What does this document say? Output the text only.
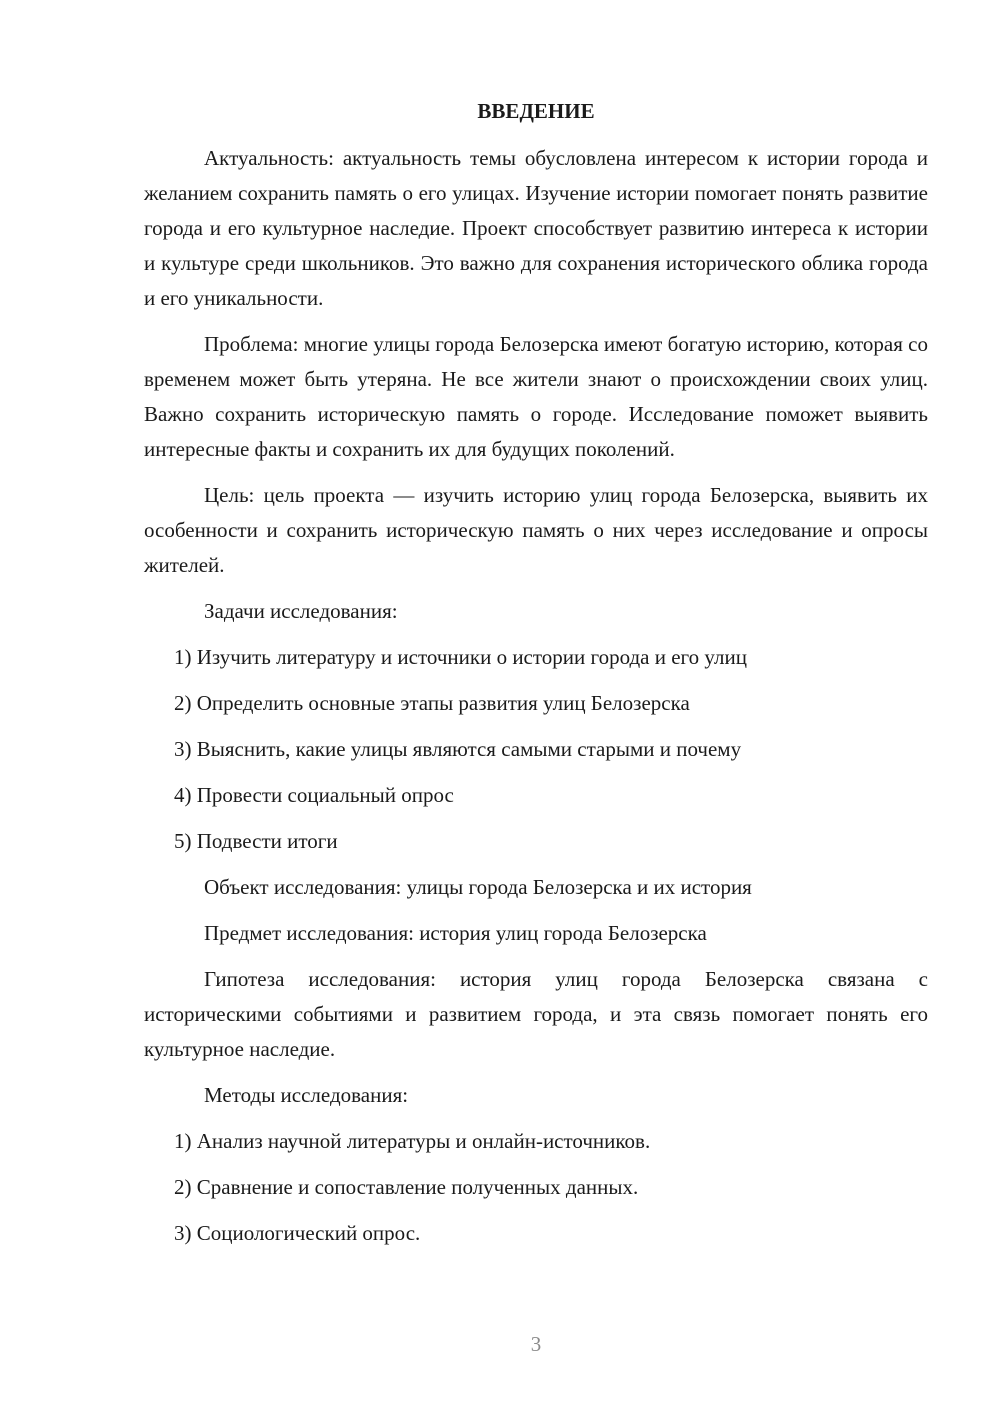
ВВЕДЕНИЕ

Актуальность: актуальность темы обусловлена интересом к истории города и желанием сохранить память о его улицах. Изучение истории помогает понять развитие города и его культурное наследие. Проект способствует развитию интереса к истории и культуре среди школьников. Это важно для сохранения исторического облика города и его уникальности.

Проблема: многие улицы города Белозерска имеют богатую историю, которая со временем может быть утеряна. Не все жители знают о происхождении своих улиц. Важно сохранить историческую память о городе. Исследование поможет выявить интересные факты и сохранить их для будущих поколений.

Цель: цель проекта — изучить историю улиц города Белозерска, выявить их особенности и сохранить историческую память о них через исследование и опросы жителей.

Задачи исследования:
1) Изучить литературу и источники о истории города и его улиц
2) Определить основные этапы развития улиц Белозерска
3) Выяснить, какие улицы являются самыми старыми и почему
4) Провести социальный опрос
5) Подвести итоги
Объект исследования: улицы города Белозерска и их история
Предмет исследования: история улиц города Белозерска

Гипотеза исследования: история улиц города Белозерска связана с историческими событиями и развитием города, и эта связь помогает понять его культурное наследие.

Методы исследования:
1) Анализ научной литературы и онлайн-источников.
2) Сравнение и сопоставление полученных данных.
3) Социологический опрос.
3
